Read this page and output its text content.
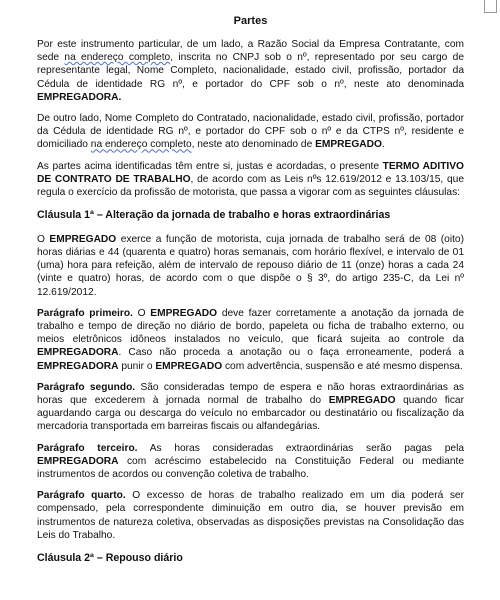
Partes

Por este instrumento particular, de um lado, a Razão Social da Empresa Contratante, com sede na endereço completo, inscrita no CNPJ sob o nº, representado por seu cargo de representante legal, Nome Completo, nacionalidade, estado civil, profissão, portador da Cédula de identidade RG nº, e portador do CPF sob o nº, neste ato denominada EMPREGADORA.

De outro lado, Nome Completo do Contratado, nacionalidade, estado civil, profissão, portador da Cédula de identidade RG nº, e portador do CPF sob o nº e da CTPS nº, residente e domiciliado na endereço completo, neste ato denominado de EMPREGADO.

As partes acima identificadas têm entre si, justas e acordadas, o presente TERMO ADITIVO DE CONTRATO DE TRABALHO, de acordo com as Leis nºs 12.619/2012 e 13.103/15, que regula o exercício da profissão de motorista, que passa a vigorar com as seguintes cláusulas:

Cláusula 1ª – Alteração da jornada de trabalho e horas extraordinárias

O EMPREGADO exerce a função de motorista, cuja jornada de trabalho será de 08 (oito) horas diárias e 44 (quarenta e quatro) horas semanais, com horário flexível, e intervalo de 01 (uma) hora para refeição, além de intervalo de repouso diário de 11 (onze) horas a cada 24 (vinte e quatro) horas, de acordo com o que dispõe o § 3º, do artigo 235-C, da Lei nº 12.619/2012.

Parágrafo primeiro. O EMPREGADO deve fazer corretamente a anotação da jornada de trabalho e tempo de direção no diário de bordo, papeleta ou ficha de trabalho externo, ou meios eletrônicos idôneos instalados no veículo, que ficará sujeita ao controle da EMPREGADORA. Caso não proceda a anotação ou o faça erroneamente, poderá a EMPREGADORA punir o EMPREGADO com advertência, suspensão e até mesmo dispensa.

Parágrafo segundo. São consideradas tempo de espera e não horas extraordinárias as horas que excederem à jornada normal de trabalho do EMPREGADO quando ficar aguardando carga ou descarga do veículo no embarcador ou destinatário ou fiscalização da mercadoria transportada em barreiras fiscais ou alfandegárias.

Parágrafo terceiro. As horas consideradas extraordinárias serão pagas pela EMPREGADORA com acréscimo estabelecido na Constituição Federal ou mediante instrumentos de acordos ou convenção coletiva de trabalho.

Parágrafo quarto. O excesso de horas de trabalho realizado em um dia poderá ser compensado, pela correspondente diminuição em outro dia, se houver previsão em instrumentos de natureza coletiva, observadas as disposições previstas na Consolidação das Leis do Trabalho.

Cláusula 2ª – Repouso diário
